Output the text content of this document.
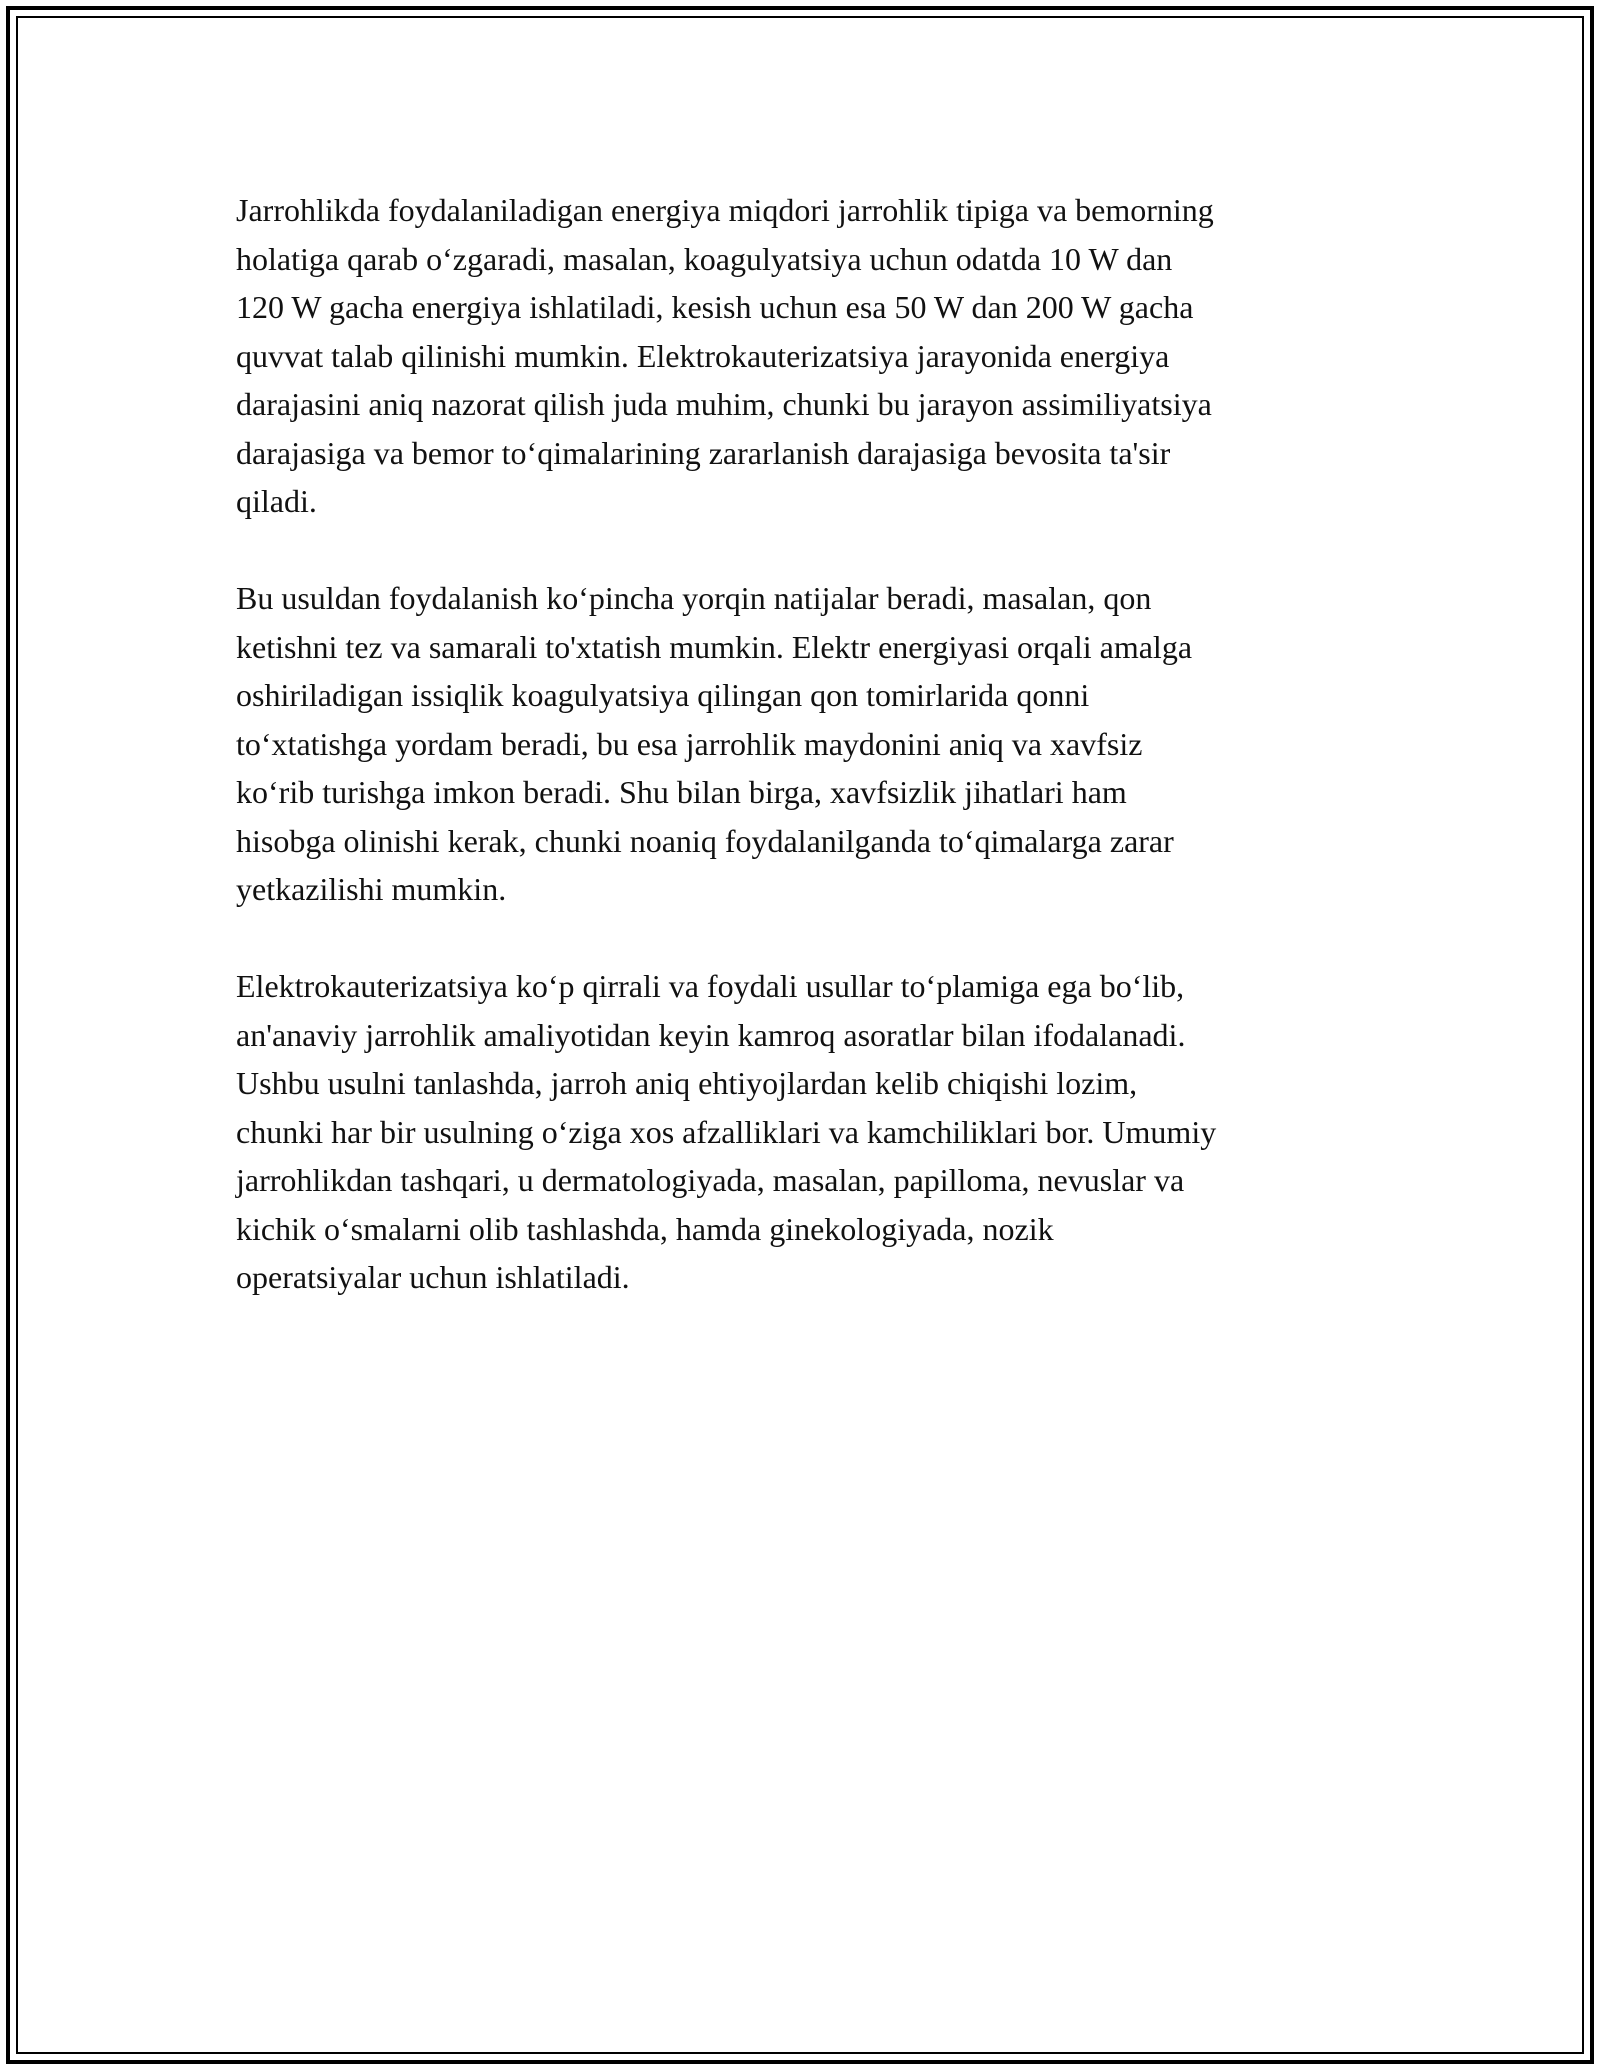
Jarrohlikda foydalaniladigan energiya miqdori jarrohlik tipiga va bemorning
holatiga qarab o‘zgaradi, masalan, koagulyatsiya uchun odatda 10 W dan
120 W gacha energiya ishlatiladi, kesish uchun esa 50 W dan 200 W gacha
quvvat talab qilinishi mumkin. Elektrokauterizatsiya jarayonida energiya
darajasini aniq nazorat qilish juda muhim, chunki bu jarayon assimiliyatsiya
darajasiga va bemor to‘qimalarining zararlanish darajasiga bevosita ta'sir
qiladi.

Bu usuldan foydalanish ko‘pincha yorqin natijalar beradi, masalan, qon
ketishni tez va samarali to'xtatish mumkin. Elektr energiyasi orqali amalga
oshiriladigan issiqlik koagulyatsiya qilingan qon tomirlarida qonni
to‘xtatishga yordam beradi, bu esa jarrohlik maydonini aniq va xavfsiz
ko‘rib turishga imkon beradi. Shu bilan birga, xavfsizlik jihatlari ham
hisobga olinishi kerak, chunki noaniq foydalanilganda to‘qimalarga zarar
yetkazilishi mumkin.

Elektrokauterizatsiya ko‘p qirrali va foydali usullar to‘plamiga ega bo‘lib,
an'anaviy jarrohlik amaliyotidan keyin kamroq asoratlar bilan ifodalanadi.
Ushbu usulni tanlashda, jarroh aniq ehtiyojlardan kelib chiqishi lozim,
chunki har bir usulning o‘ziga xos afzalliklari va kamchiliklari bor. Umumiy
jarrohlikdan tashqari, u dermatologiyada, masalan, papilloma, nevuslar va
kichik o‘smalarni olib tashlashda, hamda ginekologiyada, nozik
operatsiyalar uchun ishlatiladi.
